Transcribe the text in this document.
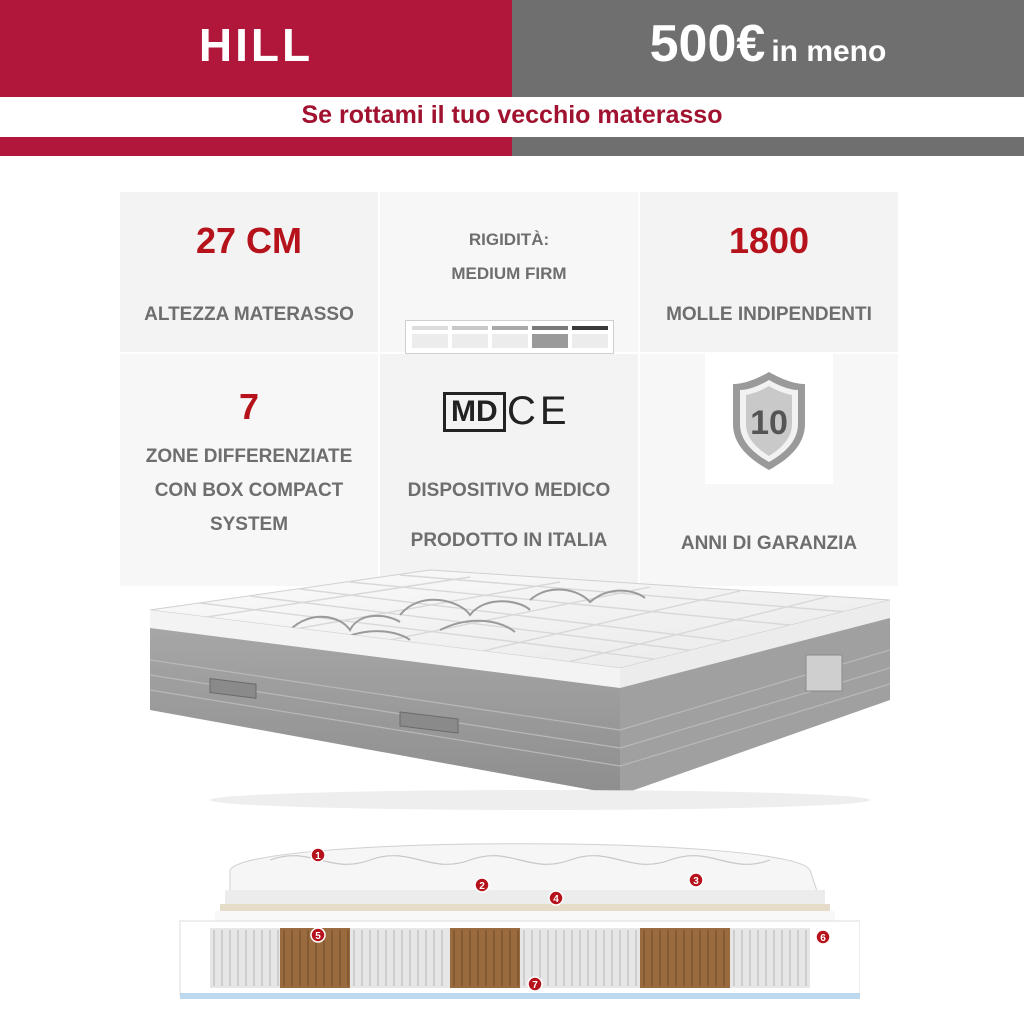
HILL	500€ in meno
Se rottami il tuo vecchio materasso
27 CM
ALTEZZA MATERASSO
RIGIDITÀ:
MEDIUM FIRM
1800
MOLLE INDIPENDENTI
7
ZONE DIFFERENZIATE
CON BOX COMPACT
SYSTEM
MD CE
DISPOSITIVO MEDICO
PRODOTTO IN ITALIA
10
ANNI DI GARANZIA
1
2	3
4
5	6
7
